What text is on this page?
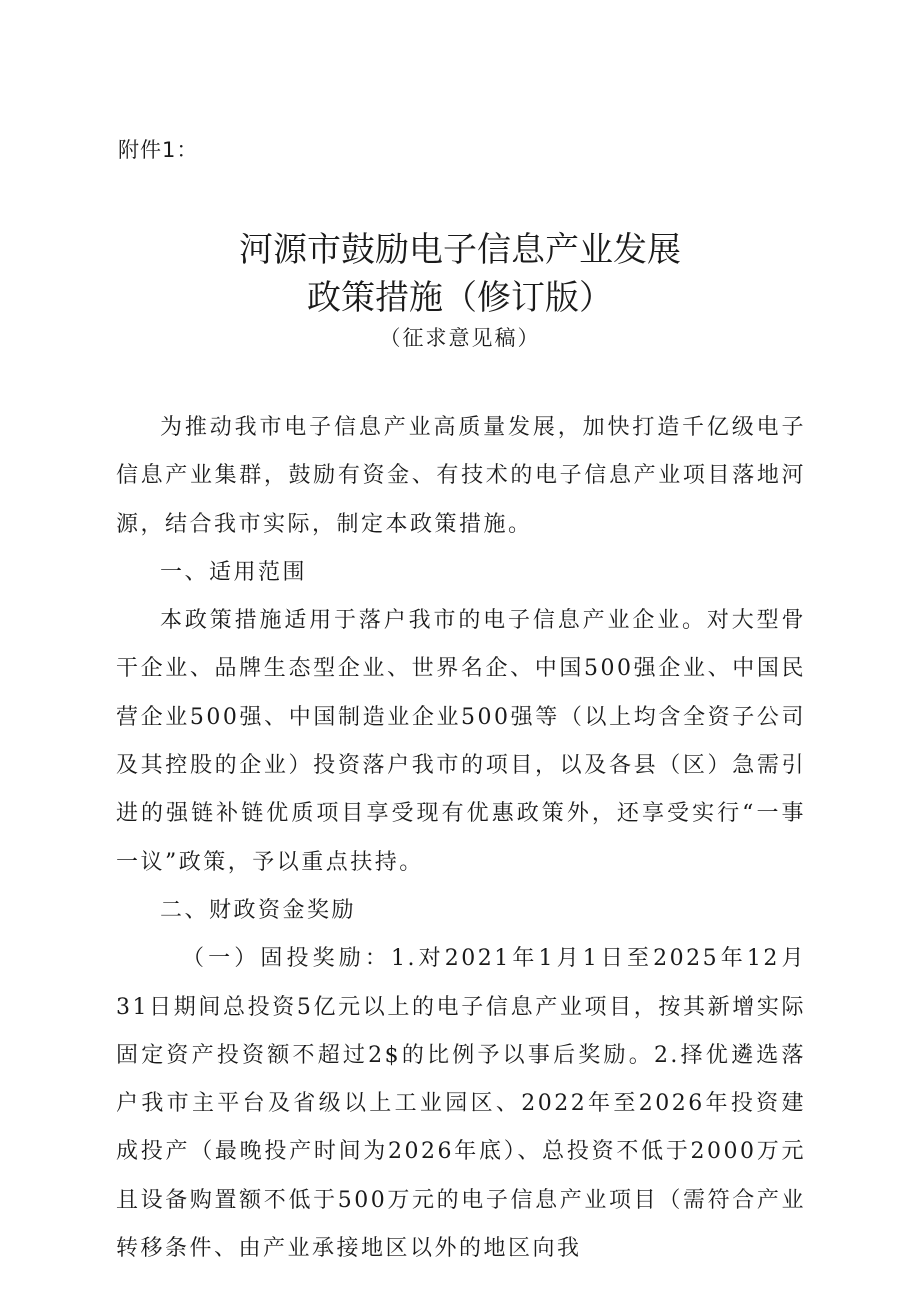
附件1：
河源市鼓励电子信息产业发展
政策措施（修订版）
（征求意见稿）

为推动我市电子信息产业高质量发展，加快打造千亿级电子信息产业集群，鼓励有资金、有技术的电子信息产业项目落地河源，结合我市实际，制定本政策措施。

一、适用范围

本政策措施适用于落户我市的电子信息产业企业。对大型骨干企业、品牌生态型企业、世界名企、中国500强企业、中国民营企业500强、中国制造业企业500强等（以上均含全资子公司及其控股的企业）投资落户我市的项目，以及各县（区）急需引进的强链补链优质项目享受现有优惠政策外，还享受实行“一事一议”政策，予以重点扶持。

二、财政资金奖励

（一）固投奖励：1.对2021年1月1日至2025年12月31日期间总投资5亿元以上的电子信息产业项目，按其新增实际固定资产投资额不超过2$的比例予以事后奖励。2.择优遴选落户我市主平台及省级以上工业园区、2022年至2026年投资建成投产（最晚投产时间为2026年底）、总投资不低于2000万元且设备购置额不低于500万元的电子信息产业项目（需符合产业转移条件、由产业承接地区以外的地区向我
